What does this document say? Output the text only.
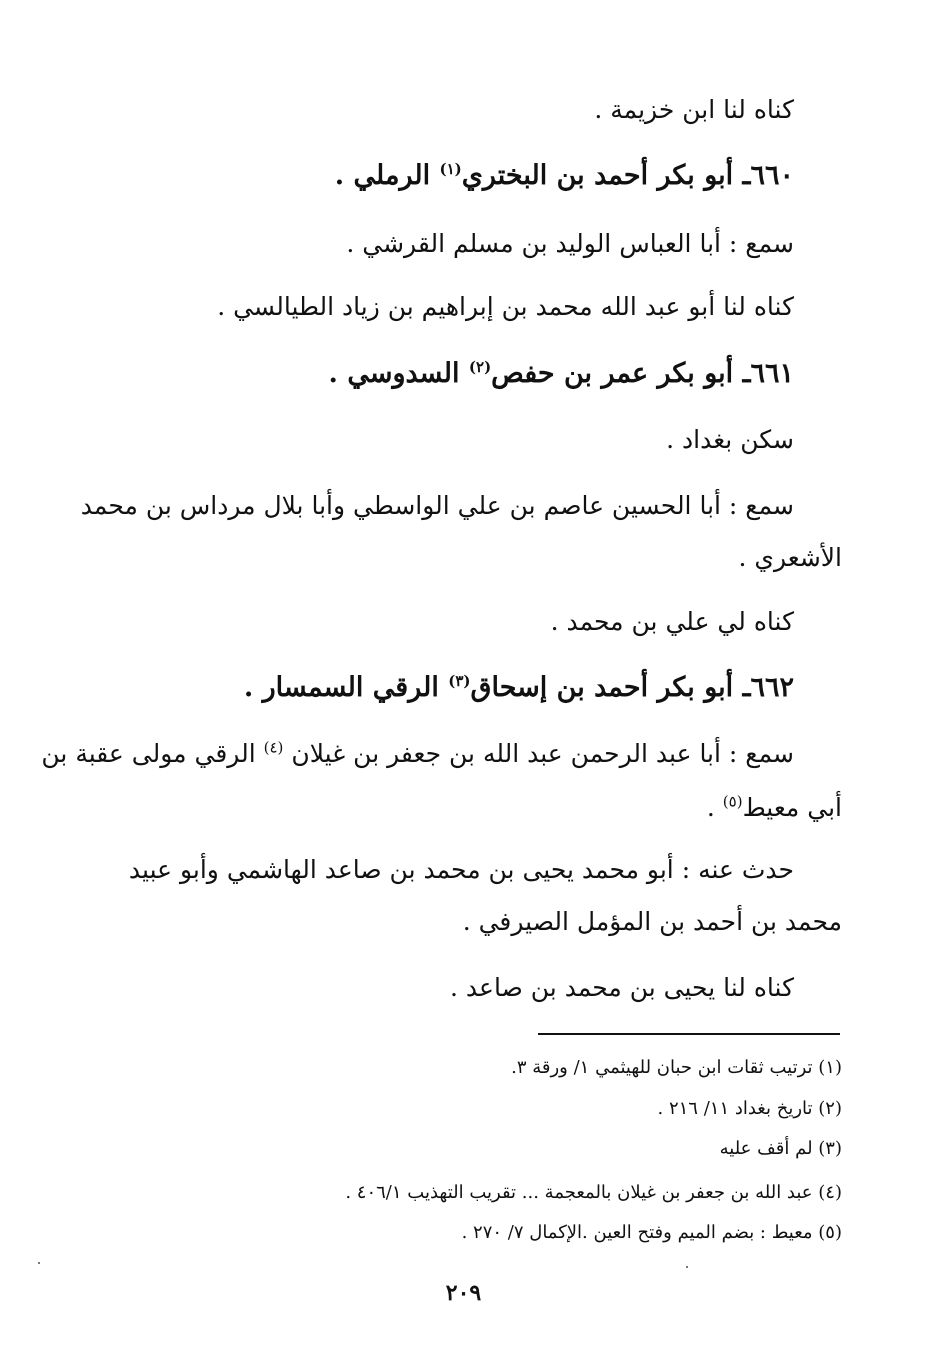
كناه لنا ابن خزيمة .
٦٦٠ـ أبو بكر أحمد بن البختري$^{(١)}$ الرملي .
سمع : أبا العباس الوليد بن مسلم القرشي .
كناه لنا أبو عبد الله محمد بن إبراهيم بن زياد الطيالسي .
٦٦١ـ أبو بكر عمر بن حفص$^{(٢)}$ السدوسي .
سكن بغداد .
سمع : أبا الحسين عاصم بن علي الواسطي وأبا بلال مرداس بن محمد
الأشعري .
كناه لي علي بن محمد .
٦٦٢ـ أبو بكر أحمد بن إسحاق$^{(٣)}$ الرقي السمسار .
سمع : أبا عبد الرحمن عبد الله بن جعفر بن غيلان $^{(٤)}$ الرقي مولى عقبة بن
أبي معيط$^{(٥)}$ .
حدث عنه : أبو محمد يحيى بن محمد بن صاعد الهاشمي وأبو عبيد
محمد بن أحمد بن المؤمل الصيرفي .
كناه لنا يحيى بن محمد بن صاعد .
(١) ترتيب ثقات ابن حبان للهيثمي ١/ ورقة ٣.
(٢) تاريخ بغداد ١١/ ٢١٦ .
(٣) لم أقف عليه
(٤) عبد الله بن جعفر بن غيلان بالمعجمة ... تقريب التهذيب ٤٠٦/١ .
(٥) معيط : بضم الميم وفتح العين .الإكمال ٧/ ٢٧٠ .
٢٠٩
